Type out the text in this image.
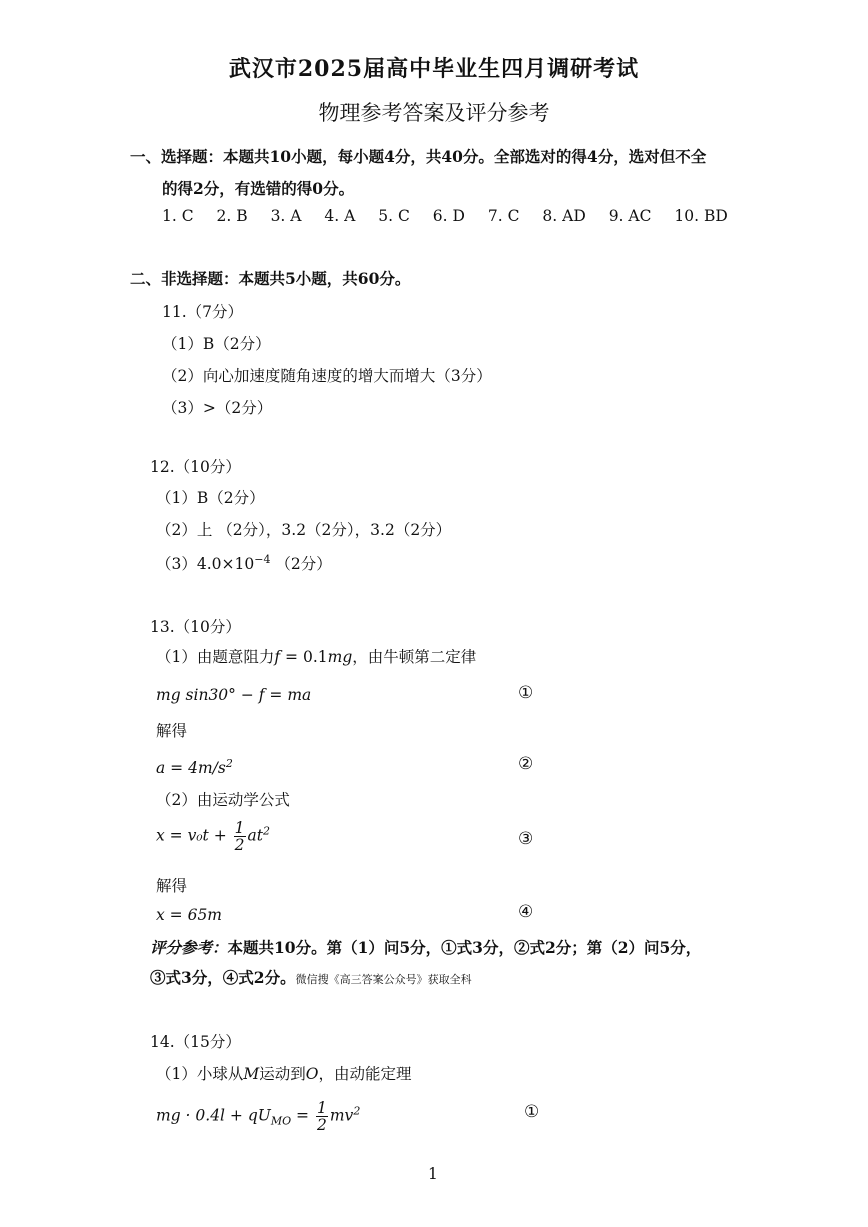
武汉市2025届高中毕业生四月调研考试
物理参考答案及评分参考
一、选择题：本题共10小题，每小题4分，共40分。全部选对的得4分，选对但不全
的得2分，有选错的得0分。
1. C 2. B 3. A 4. A 5. C 6. D 7. C 8. AD 9. AC 10. BD
二、非选择题：本题共5小题，共60分。
11.（7分）
（1）B（2分）
（2）向心加速度随角速度的增大而增大（3分）
（3）>（2分）
12.（10分）
（1）B（2分）
（2）上 （2分），3.2（2分），3.2（2分）
$(3)4.0\times 10^{-4}$ （2分）
13.（10分）
（1）由题意阻力f = 0.1mg，由牛顿第二定律
mg sin30° − f = ma	①
解得
$a = 4m/s^2$	②
（2）由运动学公式
$x = v_0t + \frac{1}{2} at^2$	③
解得
x = 65m	④
评分参考：本题共10分。第（1）问5分，①式3分，②式2分；第（2）问5分，
③式3分，④式2分。微信搜《高三答案公众号》获取全科
14.（15分）
（1）小球从M运动到O，由动能定理
mg · $0.4l + qU_{MO} = \frac{1}{2} mv^2$	①
1
